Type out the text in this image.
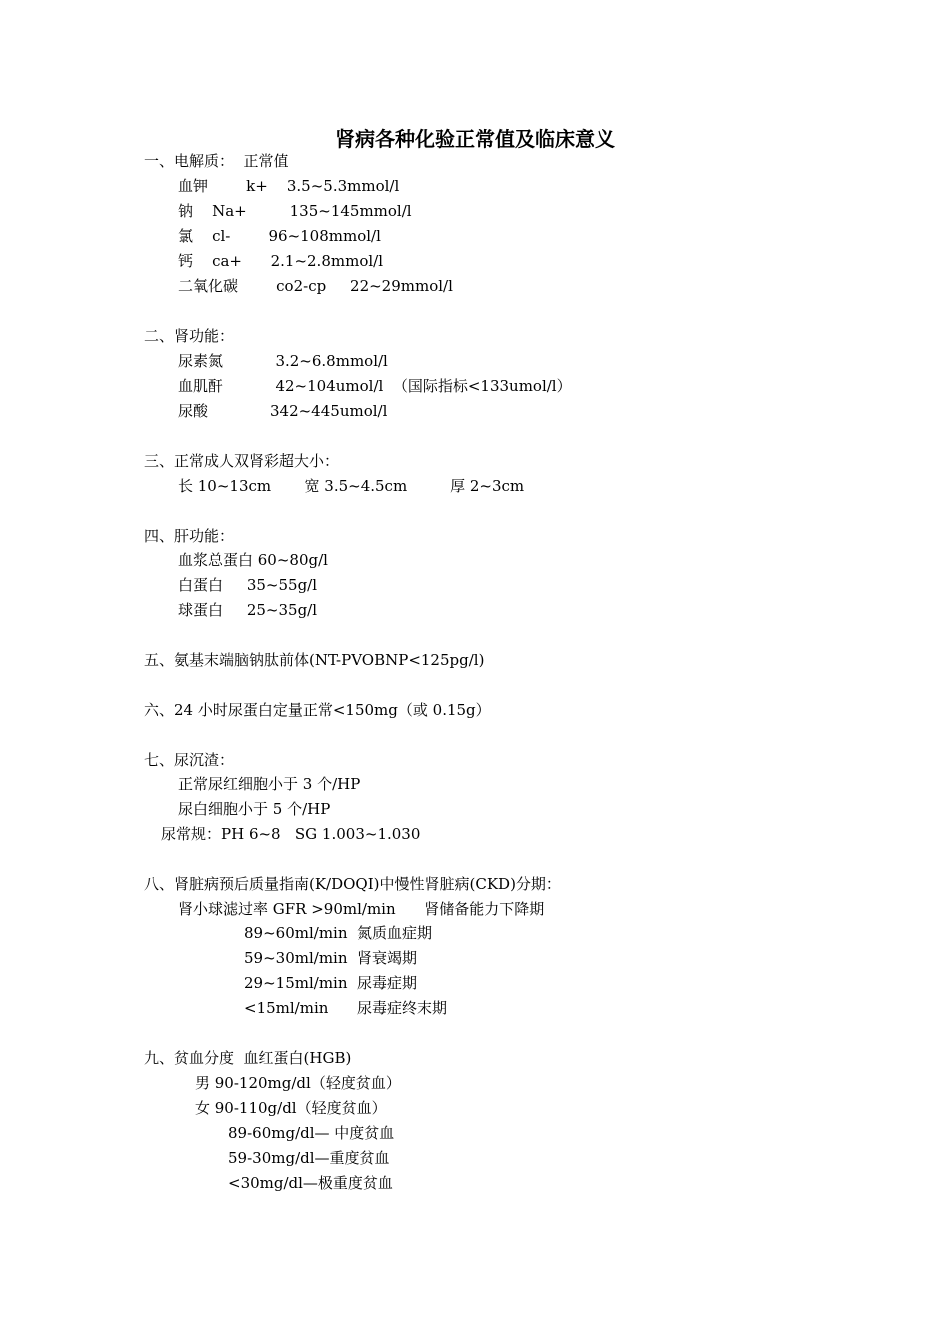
肾病各种化验正常值及临床意义
一、电解质：  正常值
血钾        k+    3.5~5.3mmol/l
钠    Na+         135~145mmol/l
氯    cl-        96~108mmol/l
钙    ca+      2.1~2.8mmol/l
二氧化碳        co2-cp     22~29mmol/l
二、肾功能：
尿素氮           3.2~6.8mmol/l
血肌酐           42~104umol/l  （国际指标<133umol/l）
尿酸             342~445umol/l
三、正常成人双肾彩超大小：
长 10~13cm       宽 3.5~4.5cm         厚 2~3cm
四、肝功能：
血浆总蛋白 60~80g/l
白蛋白     35~55g/l
球蛋白     25~35g/l
五、氨基末端脑钠肽前体(NT-PVOBNP<125pg/l)
六、24 小时尿蛋白定量正常<150mg（或 0.15g）
七、尿沉渣：
正常尿红细胞小于 3 个/HP
尿白细胞小于 5 个/HP
尿常规：PH 6~8   SG 1.003~1.030
八、肾脏病预后质量指南(K/DOQI)中慢性肾脏病(CKD)分期：
肾小球滤过率 GFR >90ml/min      肾储备能力下降期
89~60ml/min  氮质血症期
59~30ml/min  肾衰竭期
29~15ml/min  尿毒症期
<15ml/min      尿毒症终末期
九、贫血分度  血红蛋白(HGB)
男 90-120mg/dl（轻度贫血）
女 90-110g/dl（轻度贫血）
89-60mg/dl— 中度贫血
59-30mg/dl—重度贫血
<30mg/dl—极重度贫血
